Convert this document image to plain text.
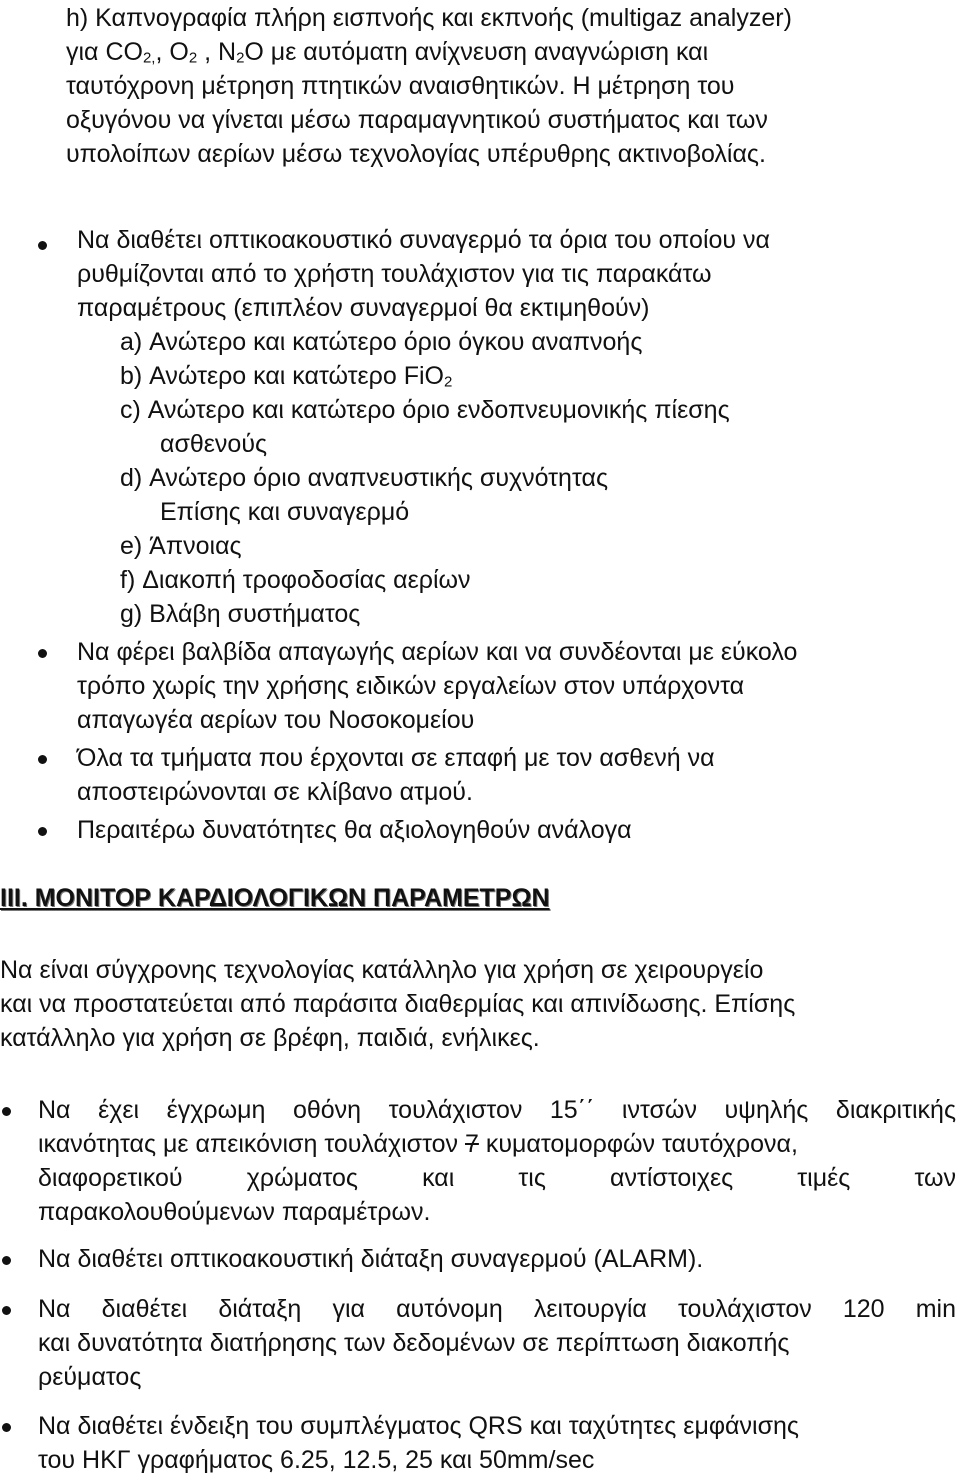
h) Καπνογραφία πλήρη εισπνοής και εκπνοής (multigaz analyzer)
για $CO_{2,}$, $O_2$ , $N_2O$ με αυτόματη ανίχνευση αναγνώριση και
ταυτόχρονη μέτρηση πτητικών αναισθητικών. Η μέτρηση του
οξυγόνου να γίνεται μέσω παραμαγνητικού συστήματος και των
υπολοίπων αερίων μέσω τεχνολογίας υπέρυθρης ακτινοβολίας.
Να διαθέτει οπτικοακουστικό συναγερμό τα όρια του οποίου να
ρυθμίζονται από το χρήστη τουλάχιστον για τις παρακάτω
παραμέτρους (επιπλέον συναγερμοί θα εκτιμηθούν)
a) Ανώτερο και κατώτερο όριο όγκου αναπνοής
b) Ανώτερο και κατώτερο FiO$_2$
c) Ανώτερο και κατώτερο όριο ενδοπνευμονικής πίεσης
ασθενούς
d) Ανώτερο όριο αναπνευστικής συχνότητας
Επίσης και συναγερμό
e) Άπνοιας
f) Διακοπή τροφοδοσίας αερίων
g) Βλάβη συστήματος
Να φέρει βαλβίδα απαγωγής αερίων και να συνδέονται με εύκολο
τρόπο χωρίς την χρήσης ειδικών εργαλείων στον υπάρχοντα
απαγωγέα αερίων του Νοσοκομείου
Όλα τα τμήματα που έρχονται σε επαφή με τον ασθενή να
αποστειρώνονται σε κλίβανο ατμού.
Περαιτέρω δυνατότητες θα αξιολογηθούν ανάλογα
III. ΜΟΝΙΤΟΡ ΚΑΡΔΙΟΛΟΓΙΚΩΝ ΠΑΡΑΜΕΤΡΩΝ
Να είναι σύγχρονης τεχνολογίας κατάλληλο για χρήση σε χειρουργείο
και να προστατεύεται από παράσιτα διαθερμίας και απινίδωσης. Επίσης
κατάλληλο για χρήση σε βρέφη, παιδιά, ενήλικες.
Να έχει έγχρωμη οθόνη τουλάχιστον 15΄΄ ιντσών υψηλής διακριτικής
ικανότητας με απεικόνιση τουλάχιστον 7 κυματομορφών ταυτόχρονα,
διαφορετικού χρώματος και τις αντίστοιχες τιμές των
παρακολουθούμενων παραμέτρων.
Να διαθέτει οπτικοακουστική διάταξη συναγερμού (ALARM).
Να διαθέτει διάταξη για αυτόνομη λειτουργία τουλάχιστον 120 min
και δυνατότητα διατήρησης των δεδομένων σε περίπτωση διακοπής
ρεύματος
Να διαθέτει ένδειξη του συμπλέγματος QRS και ταχύτητες εμφάνισης
του ΗΚΓ γραφήματος 6.25, 12.5, 25 και 50mm/sec
